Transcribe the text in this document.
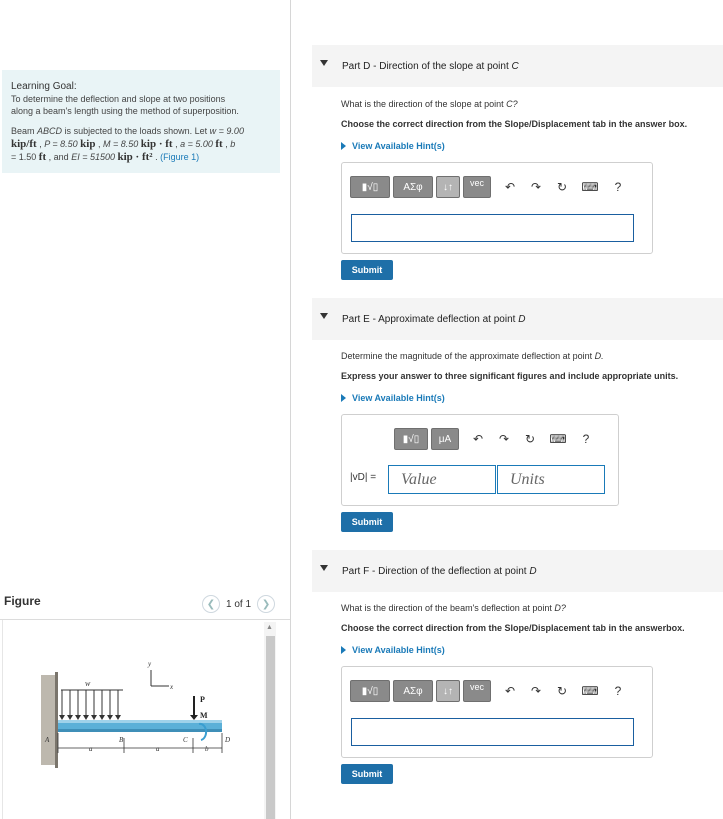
Learning Goal:
To determine the deflection and slope at two positions
along a beam's length using the method of superposition.
Beam ABCD is subjected to the loads shown. Let w = 9.00
kip/ft , P = 8.50 kip , M = 8.50 kip · ft , a = 5.00 ft , b
= 1.50 ft , and EI = 51500 kip · ft² . (Figure 1)
Figure	❮	1 of 1	❯
w
y
x
P
M
A	B	C	D
a	a	b
▲
Part D - Direction of the slope at point C
What is the direction of the slope at point C?
Choose the correct direction from the Slope/Displacement tab in the answer box.
View Available Hint(s)
▮√▯	ΑΣφ	↓↑	vec	↶	↷	↻	⌨	?
Submit
Part E - Approximate deflection at point D
Determine the magnitude of the approximate deflection at point D.
Express your answer to three significant figures and include appropriate units.
View Available Hint(s)
▮√▯	μA	↶	↷	↻	⌨	?
|vD| =	Value	Units
Submit
Part F - Direction of the deflection at point D
What is the direction of the beam's deflection at point D?
Choose the correct direction from the Slope/Displacement tab in the answerbox.
View Available Hint(s)
▮√▯	ΑΣφ	↓↑	vec	↶	↷	↻	⌨	?
Submit
